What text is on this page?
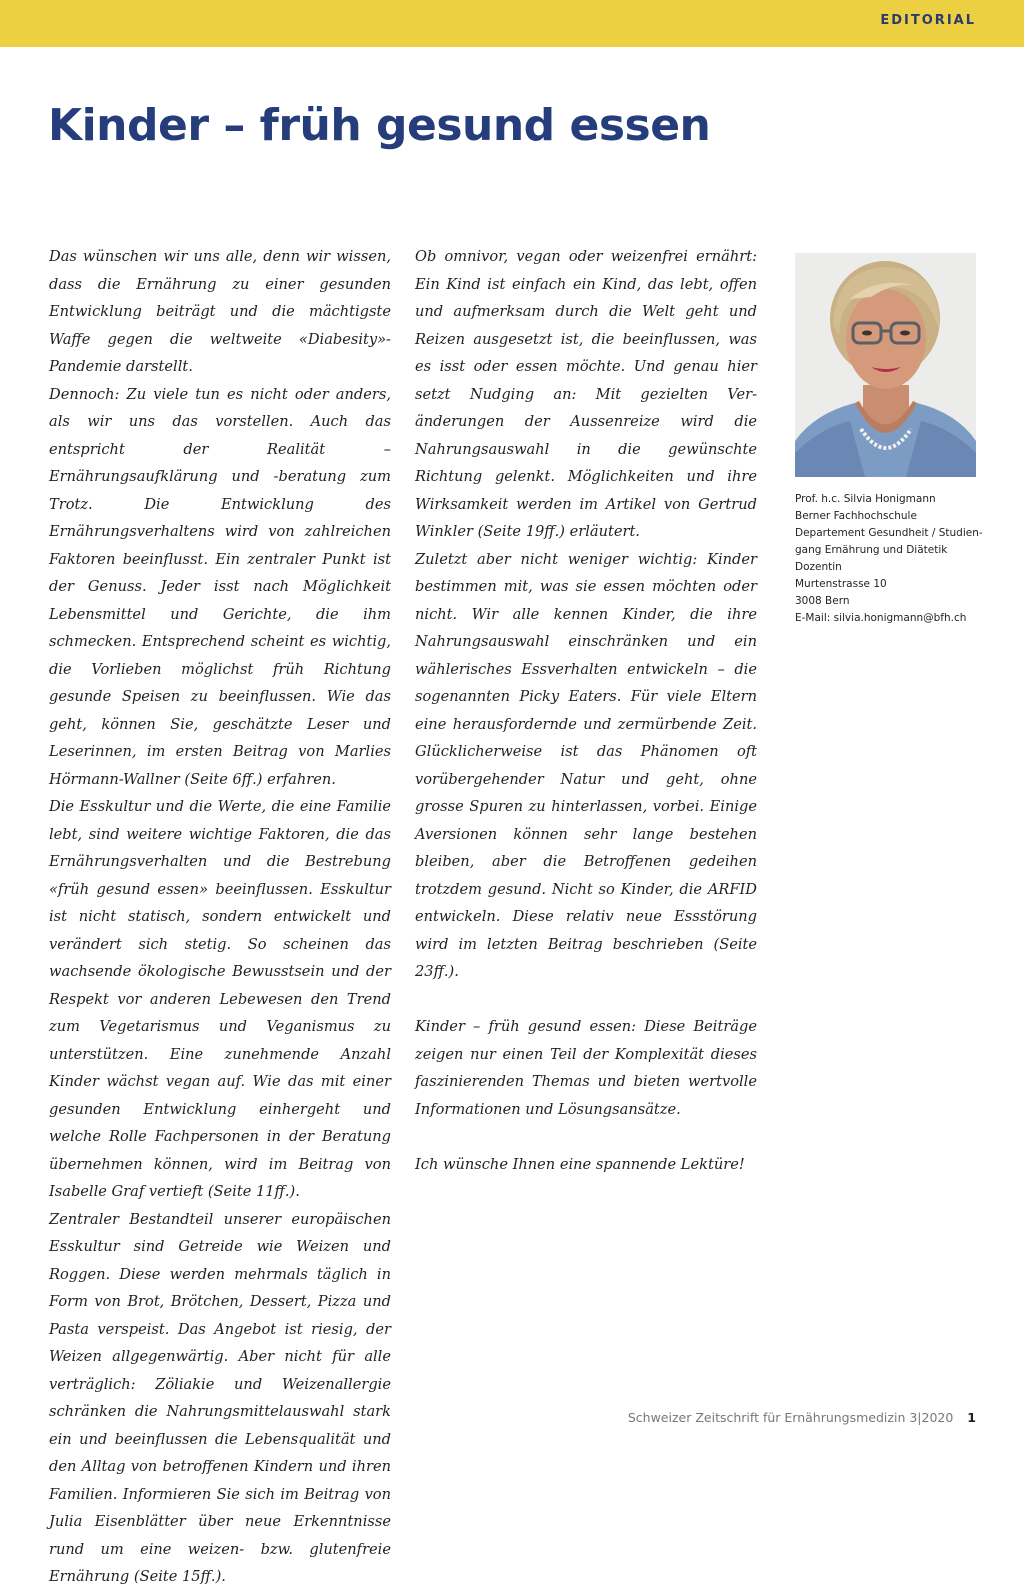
EDITORIAL
Kinder – früh gesund essen

Das wünschen wir uns alle, denn wir wissen, dass die Ernährung zu einer gesunden Entwicklung beiträgt und die mächtigste Waffe gegen die weltweite «Diabesity»-Pandemie darstellt.

Dennoch: Zu viele tun es nicht oder anders, als wir uns das vorstellen. Auch das entspricht der Realität – Ernährungsaufklärung und -beratung zum Trotz. Die Entwicklung des Ernährungsverhaltens wird von zahlreichen Faktoren beeinflusst. Ein zentraler Punkt ist der Genuss. Jeder isst nach Möglichkeit Lebensmittel und Gerichte, die ihm schmecken. Entsprechend scheint es wichtig, die Vorlieben möglichst früh Richtung gesunde Speisen zu beeinflussen. Wie das geht, können Sie, geschätzte Leser und Leserinnen, im ersten Beitrag von Marlies Hörmann-Wallner (Seite 6ff.) erfahren.

Die Esskultur und die Werte, die eine Familie lebt, sind weitere wichtige Faktoren, die das Ernährungsverhalten und die Bestrebung «früh gesund essen» beeinflussen. Esskultur ist nicht statisch, sondern entwickelt und verändert sich stetig. So scheinen das wachsende ökologische Bewusstsein und der Respekt vor anderen Lebewesen den Trend zum Vegetarismus und Veganismus zu unterstützen. Eine zunehmende Anzahl Kinder wächst vegan auf. Wie das mit einer gesunden Entwicklung einhergeht und welche Rolle Fachpersonen in der Beratung übernehmen können, wird im Beitrag von Isabelle Graf vertieft (Seite 11ff.).

Zentraler Bestandteil unserer europäischen Esskultur sind Getreide wie Weizen und Roggen. Diese werden mehrmals täglich in Form von Brot, Brötchen, Dessert, Pizza und Pasta verspeist. Das Angebot ist riesig, der Weizen allgegenwärtig. Aber nicht für alle verträglich: Zöliakie und Weizenallergie schränken die Nahrungsmittelauswahl stark ein und beeinflussen die Lebensqualität und den Alltag von betroffenen Kindern und ihren Familien. Informieren Sie sich im Beitrag von Julia Eisenblätter über neue Erkenntnisse rund um eine weizen- bzw. glutenfreie Ernährung (Seite 15ff.).

Ob omnivor, vegan oder weizenfrei ernährt: Ein Kind ist einfach ein Kind, das lebt, offen und aufmerksam durch die Welt geht und Reizen ausgesetzt ist, die beeinflussen, was es isst oder essen möchte. Und genau hier setzt Nudging an: Mit gezielten Veränderungen der Aussenreize wird die Nahrungsauswahl in die gewünschte Richtung gelenkt. Möglichkeiten und ihre Wirksamkeit werden im Artikel von Gertrud Winkler (Seite 19ff.) erläutert.

Zuletzt aber nicht weniger wichtig: Kinder bestimmen mit, was sie essen möchten oder nicht. Wir alle kennen Kinder, die ihre Nahrungsauswahl einschränken und ein wählerisches Essverhalten entwickeln – die sogenannten Picky Eaters. Für viele Eltern eine herausfordernde und zermürbende Zeit. Glücklicherweise ist das Phänomen oft vorübergehender Natur und geht, ohne grosse Spuren zu hinterlassen, vorbei. Einige Aversionen können sehr lange bestehen bleiben, aber die Betroffenen gedeihen trotzdem gesund. Nicht so Kinder, die ARFID entwickeln. Diese relativ neue Essstörung wird im letzten Beitrag beschrieben (Seite 23ff.).

Kinder – früh gesund essen: Diese Beiträge zeigen nur einen Teil der Komplexität dieses faszinierenden Themas und bieten wertvolle Informationen und Lösungsansätze.

Ich wünsche Ihnen eine spannende Lektüre!

Prof. h.c. Silvia Honigmann
Berner Fachhochschule
Departement Gesundheit / Studien-
gang Ernährung und Diätetik
Dozentin
Murtenstrasse 10
3008 Bern
E-Mail: silvia.honigmann@bfh.ch
Schweizer Zeitschrift für Ernährungsmedizin 3|2020 1
